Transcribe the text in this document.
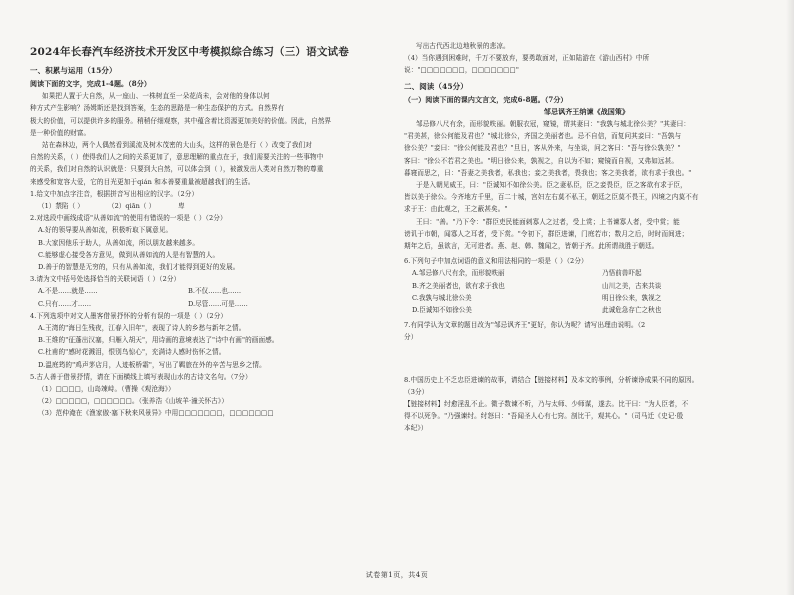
2024年长春汽车经济技术开发区中考模拟综合练习（三）语文试卷
一、积累与运用（15分）
阅读下面的文字，完成1-4题。（8分）
如果把人置于大自然，从一座山、一株树直至一朵花尚未，会对他的身体以何
种方式产生影响？汤姆斯还是找到答案，生态的思路是一种生态保护的方式。自然界有
极大的价值，可以提供许多的服务。稍稍仔细观察，其中蕴含着比资源更加美好的价值。因此，自然界
是一种价值的财富。
站在森林边，两个人偶然看到溪流及树木茂密的大山头，这样的景色是行（ ）改变了我们对
自然的关系，（ ）使得我们人之间的关系更加了，意思理解的重点在于，我们需要关注的一些事物中
的关系，我们对自然的认识就是：只要到大自然，可以体会到（ ），被激发出人类对自然万物的尊重
来感受和宽容大爱，它的目光更加于qián 和本善要重量被超越我们的生活。
1.给文中加点字注音，根据拼音写出相应的汉字。（2分）
（1）禁陷（ ）	（2）qiān（ ）	卑
2.对选段中画线成语"从善如流"的使用有错误的一项是（ ）（2分）
A.好的领导要从善如流，积极听取下属意见。
B.大家因他乐于助人，从善如流，所以朋友越来越多。
C.能够虚心接受各方意见，做到从善如流的人是有智慧的人。
D.善于的智慧是无穷的，只有从善如流，我们才能得到更好的发展。
3.请为文中括号处选择恰当的关联词语（ ）（2分）
A.不是……就是……	B.不仅……也……
C.只有……才……	D.尽管……可是……
4.下列选项中对文人墨客借景抒怀的分析有误的一项是（ ）（2分）
A.王湾的"海日生残夜，江春入旧年"，表现了诗人的乡愁与新年之情。
B.王维的"征蓬出汉塞，归雁入胡天"，用诗画的意境表达了"诗中有画"的画面感。
C.杜甫的"感时花溅泪，恨别鸟惊心"，充满诗人感时伤怀之情。
D.温庭筠的"鸡声茅店月，人迹板桥霜"，写出了羁旅在外的辛苦与思乡之情。
5.古人善于借景抒情，请在下面横线上填写表现山水的古诗文名句。（7分）
（1）□□□□，山岛竦峙。（曹操《观沧海》）
（2）□□□□□，□□□□□□。（张养浩《山坡羊·潼关怀古》）
（3）范仲淹在《渔家傲·塞下秋来风景异》中用□□□□□□□，□□□□□□□
写出古代西北边地秋景的悲凉。
（4）当你遇到困难时，千万不要放弃，要勇敢面对，正如陆游在《游山西村》中所
说："□□□□□□□，□□□□□□□"
二、阅读（45分）
（一）阅读下面的课内文言文，完成6-8题。（7分）
邹忌讽齐王纳谏《战国策》
邹忌修八尺有余，而形貌昳丽。朝服衣冠，窥镜，谓其妻曰："我孰与城北徐公美？"其妻曰：
"君美甚，徐公何能及君也？"城北徐公，齐国之美丽者也。忌不自信，而复问其妾曰："吾孰与
徐公美？"妾曰："徐公何能及君也？"旦日，客从外来，与坐谈，问之客曰："吾与徐公孰美？"
客曰："徐公不若君之美也。"明日徐公来，孰视之，自以为不如；窥镜而自视，又弗如远甚。
暮寝而思之，曰："吾妻之美我者，私我也；妾之美我者，畏我也；客之美我者，欲有求于我也。"
于是入朝见威王，曰："臣诚知不如徐公美。臣之妻私臣，臣之妾畏臣，臣之客欲有求于臣，
皆以美于徐公。今齐地方千里，百二十城，宫妇左右莫不私王，朝廷之臣莫不畏王，四境之内莫不有
求于王：由此观之，王之蔽甚矣。"
王曰："善。"乃下令："群臣吏民能面刺寡人之过者，受上赏；上书谏寡人者，受中赏；能
谤讥于市朝，闻寡人之耳者，受下赏。"令初下，群臣进谏，门庭若市；数月之后，时时而间进；
期年之后，虽欲言，无可进者。燕、赵、韩、魏闻之，皆朝于齐。此所谓战胜于朝廷。
6.下列句子中加点词语的意义和用法相同的一项是（ ）（2分）
A.邹忌修八尺有余，而形貌昳丽	乃悟前兽吓起
B.齐之美丽者也，欲有求于我也	山川之美，古来共谈
C.我孰与城北徐公美	明日徐公来，孰视之
D.臣诚知不如徐公美	此诚危急存亡之秋也
7.有同学认为文章的题目改为"邹忌讽齐王"更好，你认为呢？请写出理由说明。（2
分）
8.中国历史上不乏忠臣进谏的故事，请结合【链接材料】及本文的事例，分析谏诤成果不同的原因。
（3分）
【链接材料】纣愈淫乱不止。微子数谏不听，乃与太师、少师谋，遂去。比干曰："为人臣者，不
得不以死争。"乃强谏纣。纣怒曰："吾闻圣人心有七窍。剖比干，观其心。"（司马迁《史记·殷
本纪》）
试卷第1页，共4页
